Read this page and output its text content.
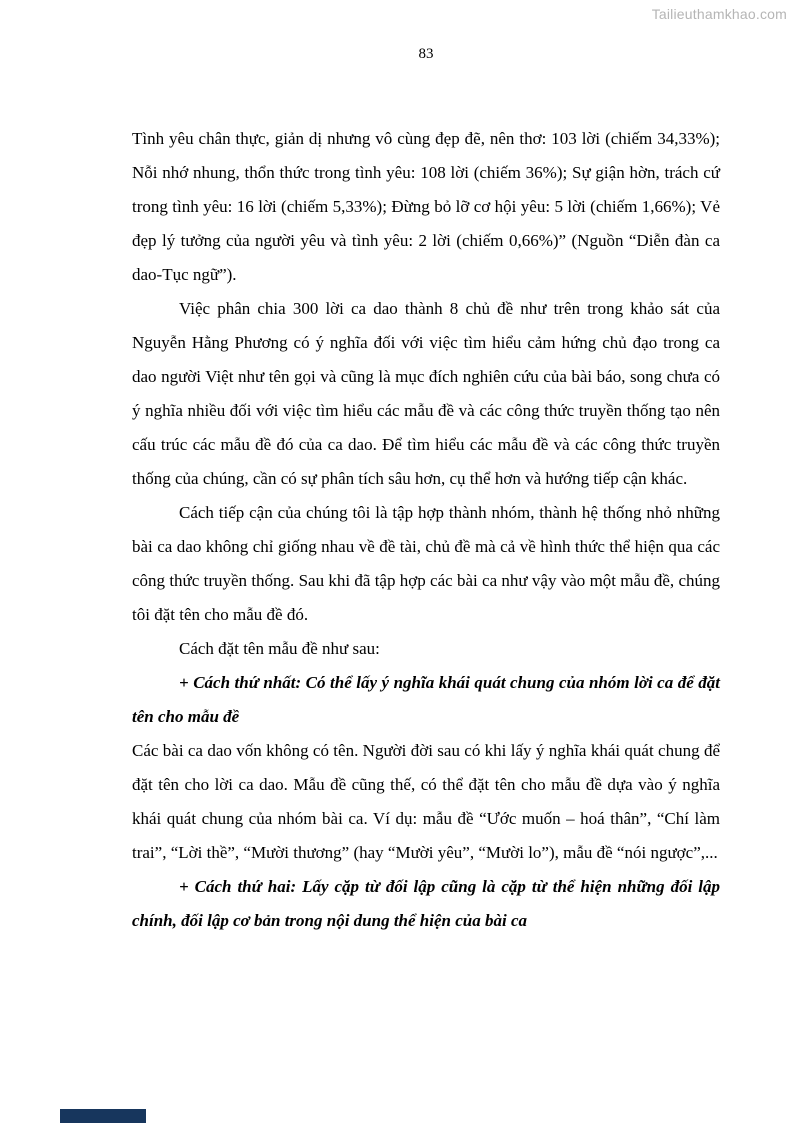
Tailieuthamkhao.com
83

Tình yêu chân thực, giản dị nhưng vô cùng đẹp đẽ, nên thơ: 103 lời (chiếm 34,33%); Nỗi nhớ nhung, thổn thức trong tình yêu: 108 lời (chiếm 36%); Sự giận hờn, trách cứ trong tình yêu: 16 lời (chiếm 5,33%); Đừng bỏ lỡ cơ hội yêu: 5 lời (chiếm 1,66%); Vẻ đẹp lý tưởng của người yêu và tình yêu: 2 lời (chiếm 0,66%)” (Nguồn “Diễn đàn ca dao-Tục ngữ”).

Việc phân chia 300 lời ca dao thành 8 chủ đề như trên trong khảo sát của Nguyễn Hằng Phương có ý nghĩa đối với việc tìm hiểu cảm hứng chủ đạo trong ca dao người Việt như tên gọi và cũng là mục đích nghiên cứu của bài báo, song chưa có ý nghĩa nhiều đối với việc tìm hiểu các mẫu đề và các công thức truyền thống tạo nên cấu trúc các mẫu đề đó của ca dao. Để tìm hiểu các mẫu đề và các công thức truyền thống của chúng, cần có sự phân tích sâu hơn, cụ thể hơn và hướng tiếp cận khác.

Cách tiếp cận của chúng tôi là tập hợp thành nhóm, thành hệ thống nhỏ những bài ca dao không chỉ giống nhau về đề tài, chủ đề mà cả về hình thức thể hiện qua các công thức truyền thống. Sau khi đã tập hợp các bài ca như vậy vào một mẫu đề, chúng tôi đặt tên cho mẫu đề đó.

Cách đặt tên mẫu đề như sau:

+ Cách thứ nhất: Có thể lấy ý nghĩa khái quát chung của nhóm lời ca để đặt tên cho mẫu đề

Các bài ca dao vốn không có tên. Người đời sau có khi lấy ý nghĩa khái quát chung để đặt tên cho lời ca dao. Mẫu đề cũng thế, có thể đặt tên cho mẫu đề dựa vào ý nghĩa khái quát chung của nhóm bài ca. Ví dụ: mẫu đề “Ước muốn – hoá thân”, “Chí làm trai”, “Lời thề”, “Mười thương” (hay “Mười yêu”, “Mười lo”), mẫu đề “nói ngược”,...

+ Cách thứ hai: Lấy cặp từ đối lập cũng là cặp từ thể hiện những đối lập chính, đối lập cơ bản trong nội dung thể hiện của bài ca
